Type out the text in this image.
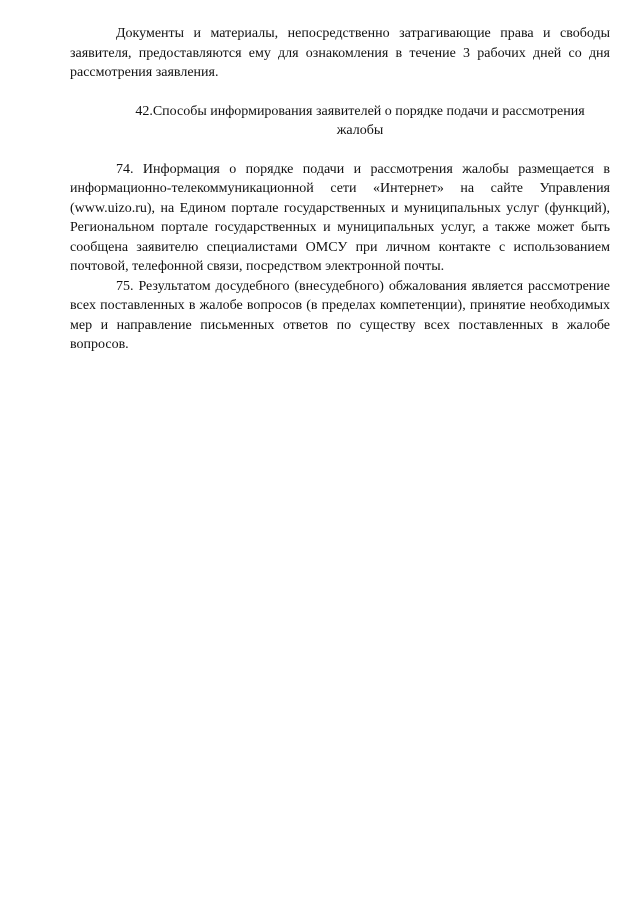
Документы и материалы, непосредственно затрагивающие права и свободы заявителя, предоставляются ему для ознакомления в течение 3 рабочих дней со дня рассмотрения заявления.

42.Способы информирования заявителей о порядке подачи и рассмотрения жалобы

74. Информация о порядке подачи и рассмотрения жалобы размещается в информационно-телекоммуникационной сети «Интернет» на сайте Управления (www.uizo.ru), на Едином портале государственных и муниципальных услуг (функций), Региональном портале государственных и муниципальных услуг, а также может быть сообщена заявителю специалистами ОМСУ при личном контакте с использованием почтовой, телефонной связи, посредством электронной почты.

75. Результатом досудебного (внесудебного) обжалования является рассмотрение всех поставленных в жалобе вопросов (в пределах компетенции), принятие необходимых мер и направление письменных ответов по существу всех поставленных в жалобе вопросов.
